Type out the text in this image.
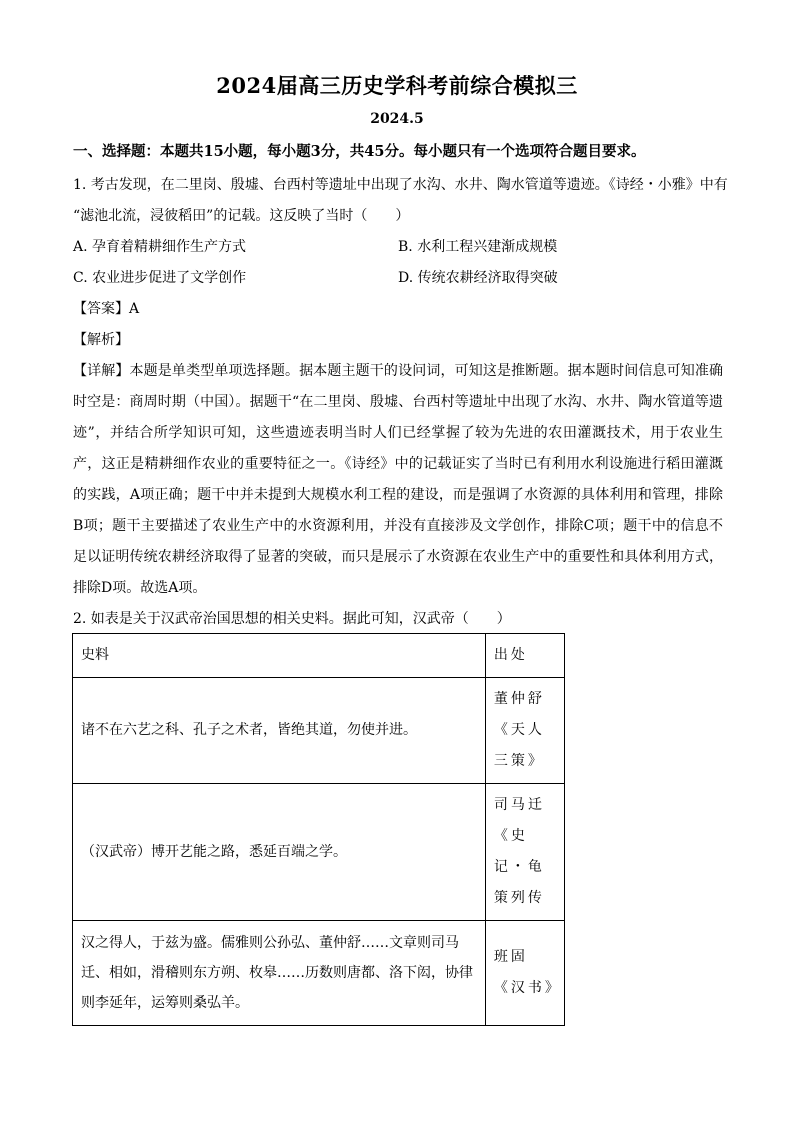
2024届高三历史学科考前综合模拟三
2024.5
一、选择题：本题共15小题，每小题3分，共45分。每小题只有一个选项符合题目要求。
1. 考古发现，在二里岗、殷墟、台西村等遗址中出现了水沟、水井、陶水管道等遗迹。《诗经・小雅》中有
“滤池北流，浸彼稻田”的记载。这反映了当时（　　）
A. 孕育着精耕细作生产方式	B. 水利工程兴建渐成规模
C. 农业进步促进了文学创作	D. 传统农耕经济取得突破
【答案】A
【解析】
【详解】本题是单类型单项选择题。据本题主题干的设问词，可知这是推断题。据本题时间信息可知准确时空是：商周时期（中国）。据题干“在二里岗、殷墟、台西村等遗址中出现了水沟、水井、陶水管道等遗迹”，并结合所学知识可知，这些遗迹表明当时人们已经掌握了较为先进的农田灌溉技术，用于农业生产，这正是精耕细作农业的重要特征之一。《诗经》中的记载证实了当时已有利用水利设施进行稻田灌溉的实践，A项正确；题干中并未提到大规模水利工程的建设，而是强调了水资源的具体利用和管理，排除B项；题干主要描述了农业生产中的水资源利用，并没有直接涉及文学创作，排除C项；题干中的信息不足以证明传统农耕经济取得了显著的突破，而只是展示了水资源在农业生产中的重要性和具体利用方式，排除D项。故选A项。
2. 如表是关于汉武帝治国思想的相关史料。据此可知，汉武帝（　　）
史料	出处
诸不在六艺之科、孔子之术者，皆绝其道，勿使并进。	董仲舒《天人三策》
（汉武帝）博开艺能之路，悉延百端之学。	司马迁《史记・龟策列传
汉之得人，于兹为盛。儒雅则公孙弘、董仲舒……文章则司马迁、相如，滑稽则东方朔、枚皋……历数则唐都、洛下闳，协律则李延年，运筹则桑弘羊。	班固《汉书》
